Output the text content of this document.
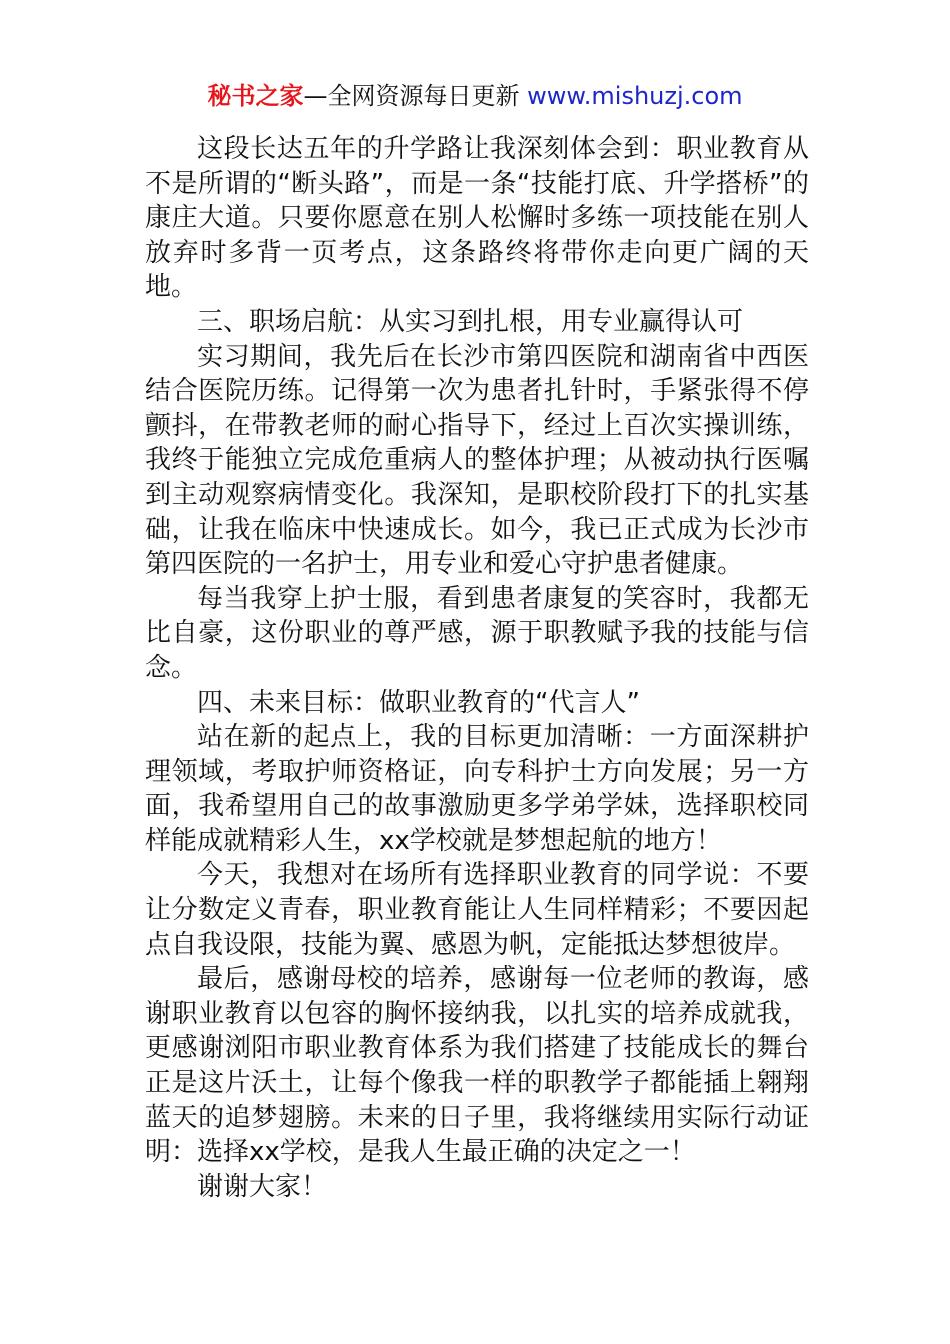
秘书之家—全网资源每日更新 www.mishuzj.com

这段长达五年的升学路让我深刻体会到：职业教育从不是所谓的“断头路”，而是一条“技能打底、升学搭桥”的康庄大道。只要你愿意在别人松懈时多练一项技能在别人放弃时多背一页考点，这条路终将带你走向更广阔的天地。

三、职场启航：从实习到扎根，用专业赢得认可

实习期间，我先后在长沙市第四医院和湖南省中西医结合医院历练。记得第一次为患者扎针时，手紧张得不停颤抖，在带教老师的耐心指导下，经过上百次实操训练，我终于能独立完成危重病人的整体护理；从被动执行医嘱到主动观察病情变化。我深知，是职校阶段打下的扎实基础，让我在临床中快速成长。如今，我已正式成为长沙市第四医院的一名护士，用专业和爱心守护患者健康。

每当我穿上护士服，看到患者康复的笑容时，我都无比自豪，这份职业的尊严感，源于职教赋予我的技能与信念。

四、未来目标：做职业教育的“代言人”

站在新的起点上，我的目标更加清晰：一方面深耕护理领域，考取护师资格证，向专科护士方向发展；另一方面，我希望用自己的故事激励更多学弟学妹，选择职校同样能成就精彩人生，xx学校就是梦想起航的地方！

今天，我想对在场所有选择职业教育的同学说：不要让分数定义青春，职业教育能让人生同样精彩；不要因起点自我设限，技能为翼、感恩为帆，定能抵达梦想彼岸。

最后，感谢母校的培养，感谢每一位老师的教诲，感谢职业教育以包容的胸怀接纳我，以扎实的培养成就我，更感谢浏阳市职业教育体系为我们搭建了技能成长的舞台正是这片沃土，让每个像我一样的职教学子都能插上翱翔蓝天的追梦翅膀。未来的日子里，我将继续用实际行动证明：选择xx学校，是我人生最正确的决定之一！

谢谢大家！
